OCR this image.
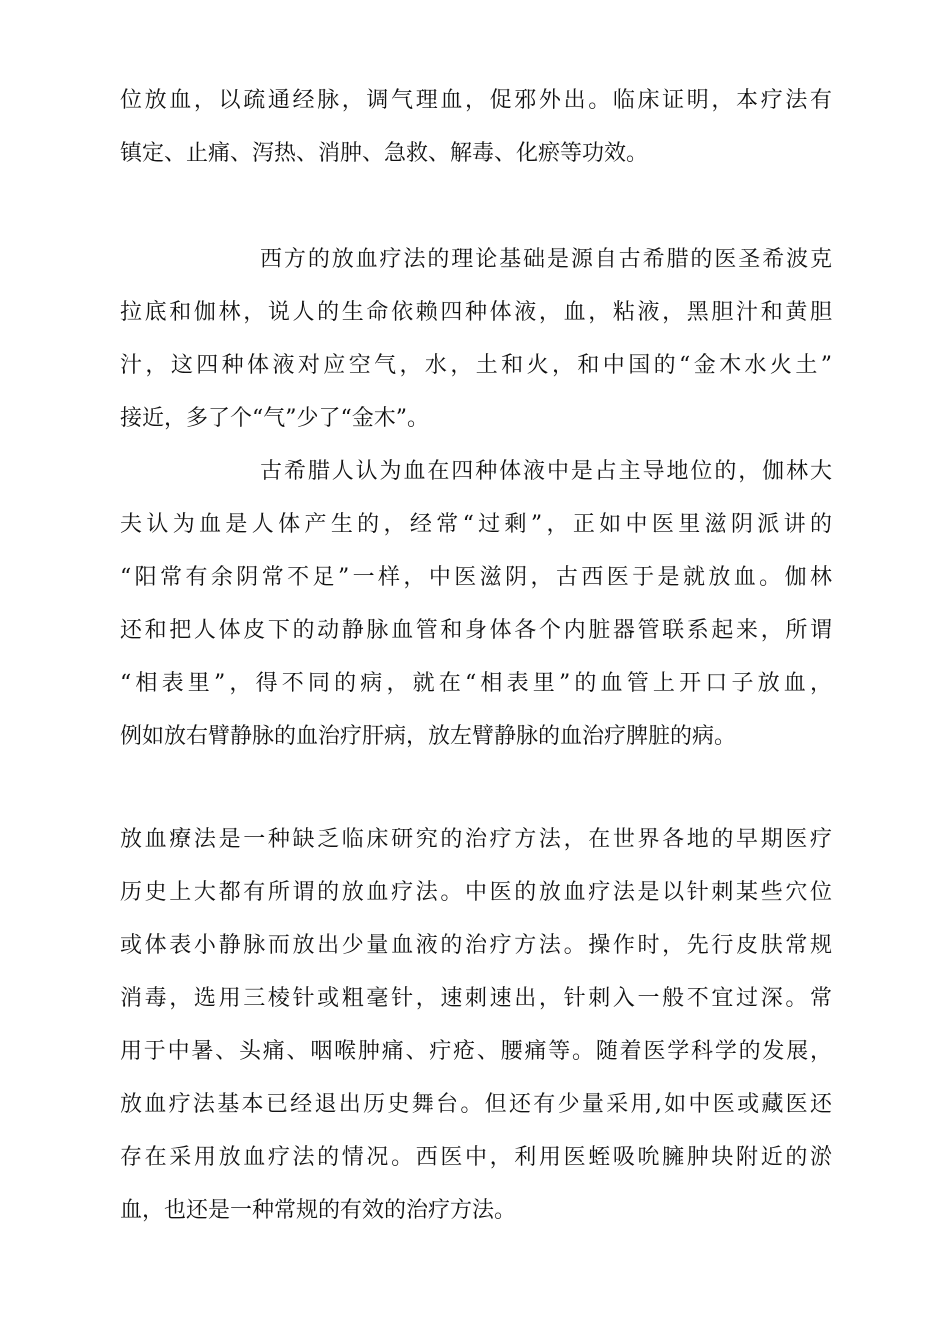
位放血，以疏通经脉，调气理血，促邪外出。临床证明，本疗法有
镇定、止痛、泻热、消肿、急救、解毒、化瘀等功效。
西方的放血疗法的理论基础是源自古希腊的医圣希波克
拉底和伽林，说人的生命依赖四种体液，血，粘液，黑胆汁和黄胆
汁，这四种体液对应空气，水，土和火，和中国的“金木水火土”
接近，多了个“气”少了“金木”。
古希腊人认为血在四种体液中是占主导地位的，伽林大
夫认为血是人体产生的，经常“过剩”，正如中医里滋阴派讲的
“阳常有余阴常不足”一样，中医滋阴，古西医于是就放血。伽林
还和把人体皮下的动静脉血管和身体各个内脏器管联系起来，所谓
“相表里”，得不同的病，就在“相表里”的血管上开口子放血，
例如放右臂静脉的血治疗肝病，放左臂静脉的血治疗脾脏的病。
放血療法是一种缺乏临床研究的治疗方法，在世界各地的早期医疗
历史上大都有所谓的放血疗法。中医的放血疗法是以针刺某些穴位
或体表小静脉而放出少量血液的治疗方法。操作时，先行皮肤常规
消毒，选用三棱针或粗毫针，速刺速出，针刺入一般不宜过深。常
用于中暑、头痛、咽喉肿痛、疔疮、腰痛等。随着医学科学的发展，
放血疗法基本已经退出历史舞台。但还有少量采用,如中医或藏医还
存在采用放血疗法的情况。西医中，利用医蛭吸吮臃肿块附近的淤
血，也还是一种常规的有效的治疗方法。
